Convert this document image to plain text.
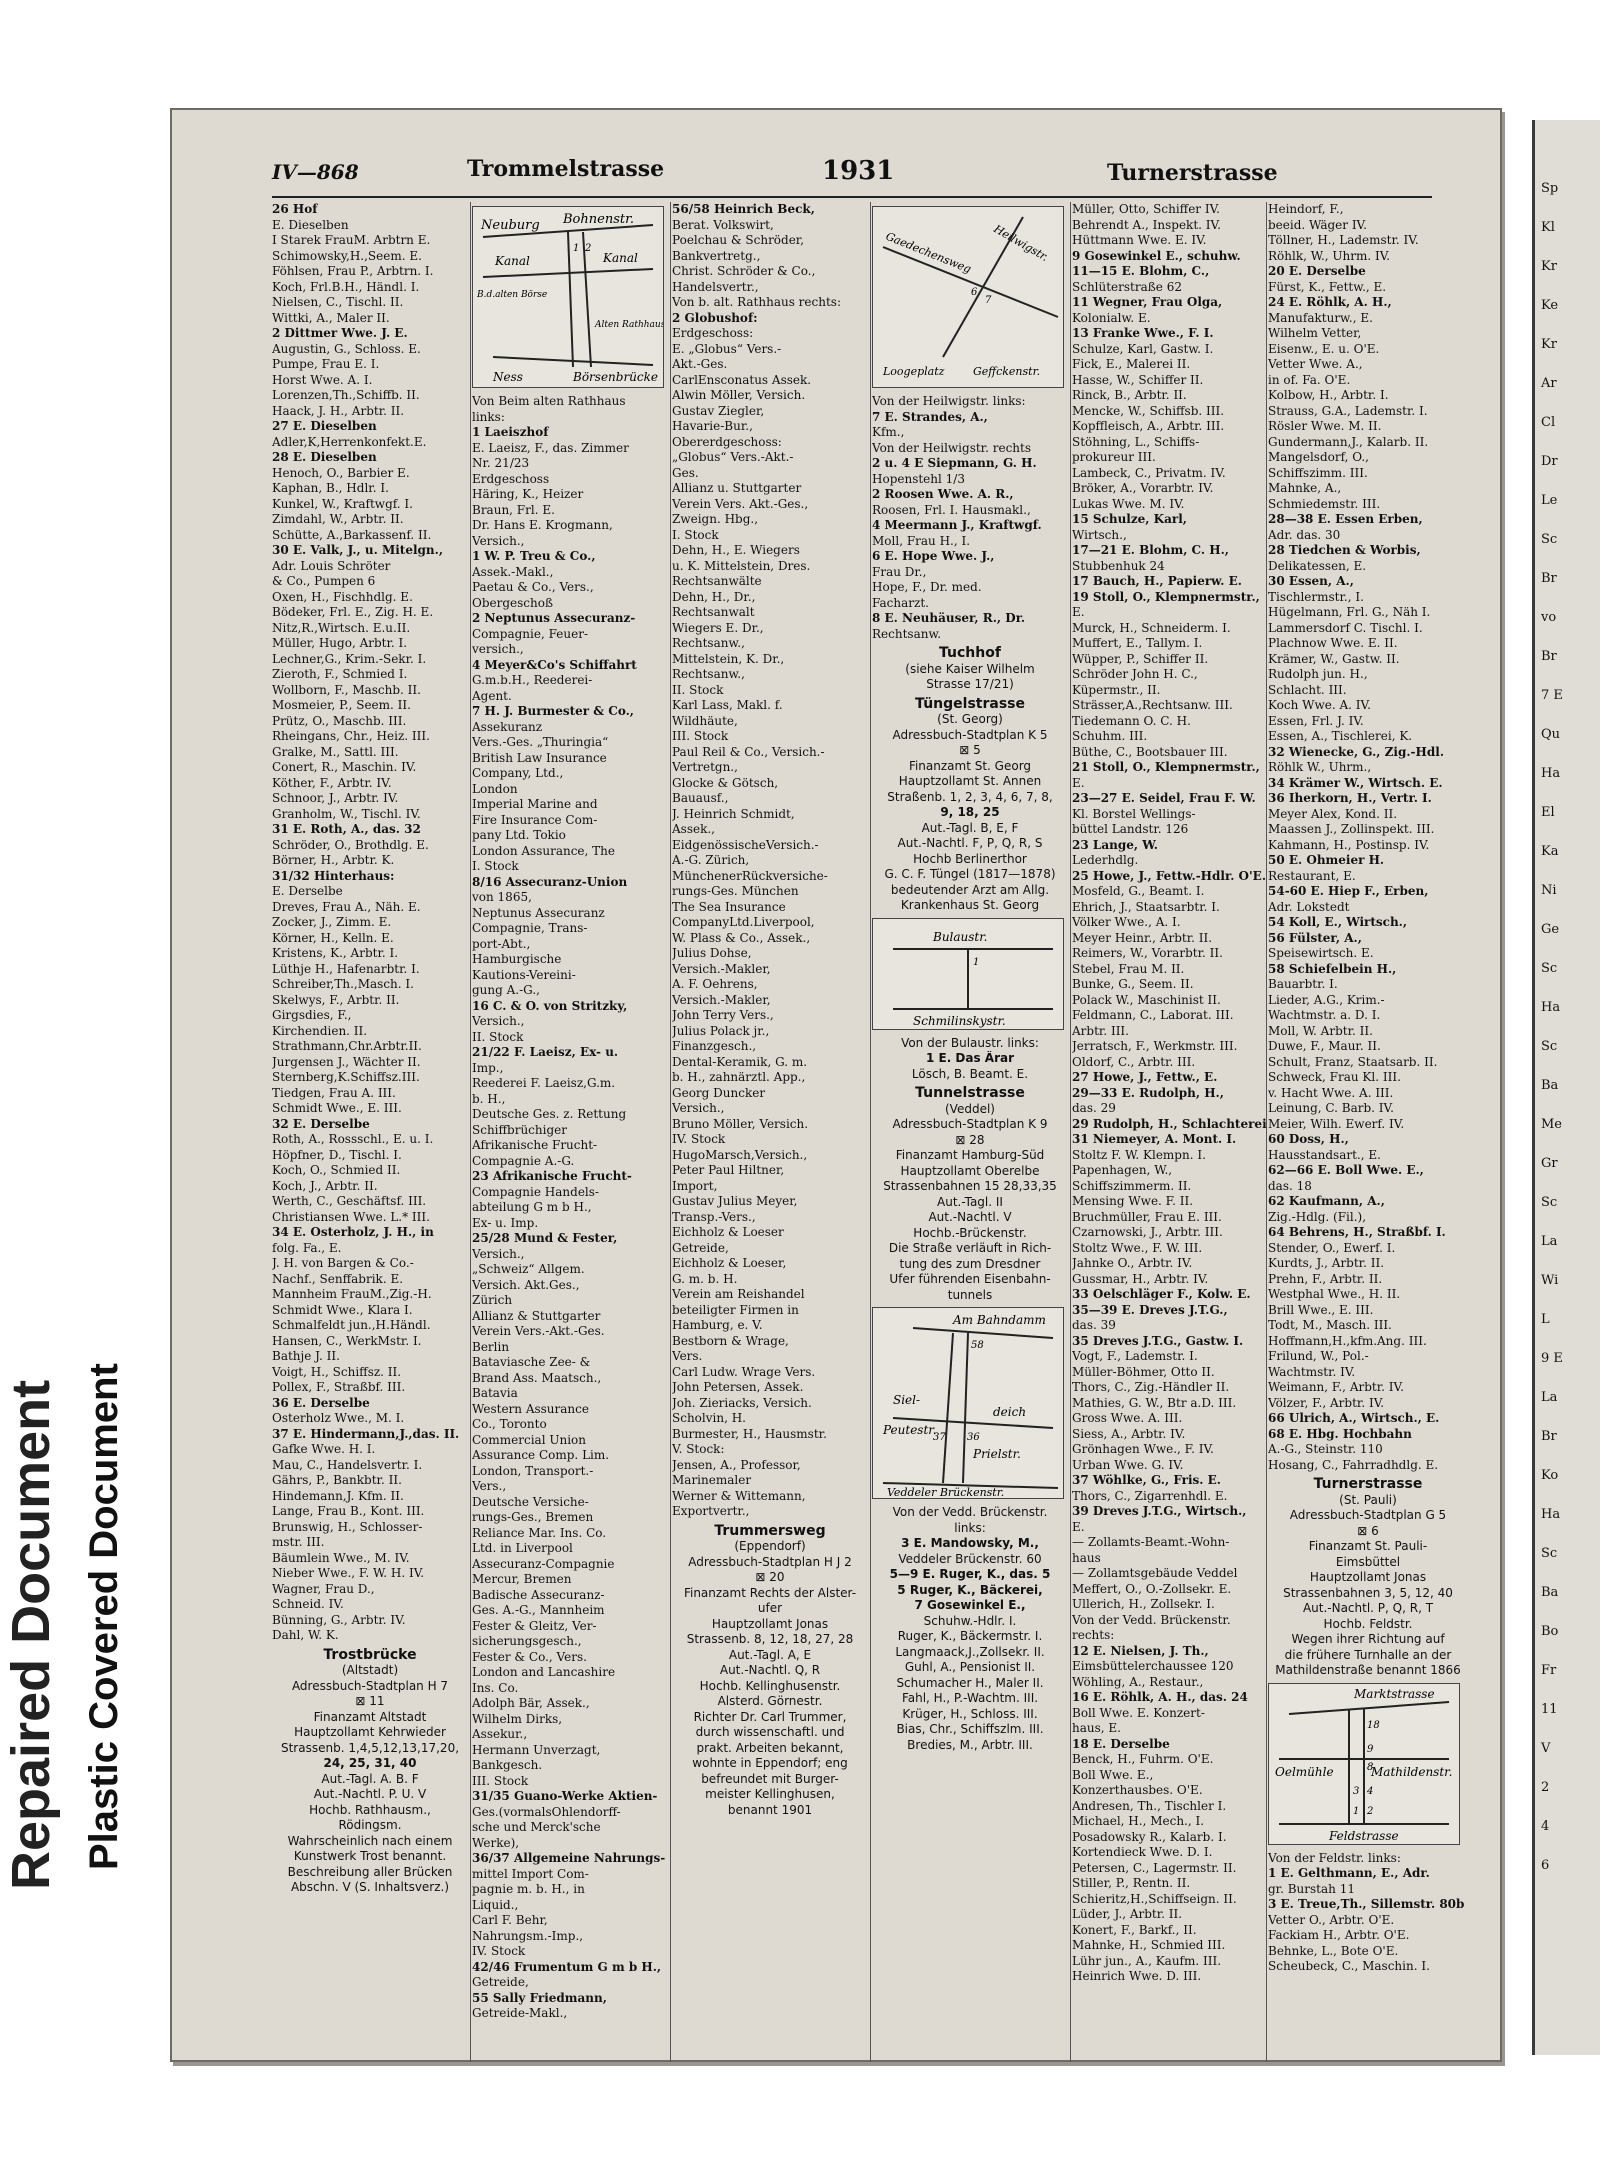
Repaired Document Plastic Covered Document
Sp
Kl
Kr
Ke
Kr
Ar
Cl
Dr
Le
Sc
Br
vo
Br
7 E
Qu
Ha
El
Ka
Ni
Ge
Sc
Ha
Sc
Ba
Me
Gr
Sc
La
Wi
L
9 E
La
Br
Ko
Ha
Sc
Ba
Bo
Fr
11
V
2
4
6
IV—868	Trommelstrasse	1931	Turnerstrasse
26 Hof
E. Dieselben
I Starek FrauM. Arbtrn E.
Schimowsky,H.,Seem. E.
Föhlsen, Frau P., Arbtrn. I.
Koch, Frl.B.H., Händl. I.
Nielsen, C., Tischl. II.
Wittki, A., Maler II.
2 Dittmer Wwe. J. E.
Augustin, G., Schloss. E.
Pumpe, Frau E. I.
Horst Wwe. A. I.
Lorenzen,Th.,Schiffb. II.
Haack, J. H., Arbtr. II.
27 E. Dieselben
Adler,K,Herrenkonfekt.E.
28 E. Dieselben
Henoch, O., Barbier E.
Kaphan, B., Hdlr. I.
Kunkel, W., Kraftwgf. I.
Zimdahl, W., Arbtr. II.
Schütte, A.,Barkassenf. II.
30 E. Valk, J., u. Mitelgn.,
Adr. Louis Schröter
& Co., Pumpen 6
Oxen, H., Fischhdlg. E.
Bödeker, Frl. E., Zig. H. E.
Nitz,R.,Wirtsch. E.u.II.
Müller, Hugo, Arbtr. I.
Lechner,G., Krim.-Sekr. I.
Zieroth, F., Schmied I.
Wollborn, F., Maschb. II.
Mosmeier, P., Seem. II.
Prütz, O., Maschb. III.
Rheingans, Chr., Heiz. III.
Gralke, M., Sattl. III.
Conert, R., Maschin. IV.
Köther, F., Arbtr. IV.
Schnoor, J., Arbtr. IV.
Granholm, W., Tischl. IV.
31 E. Roth, A., das. 32
Schröder, O., Brothdlg. E.
Börner, H., Arbtr. K.
31/32 Hinterhaus:
E. Derselbe
Dreves, Frau A., Näh. E.
Zocker, J., Zimm. E.
Körner, H., Kelln. E.
Kristens, K., Arbtr. I.
Lüthje H., Hafenarbtr. I.
Schreiber,Th.,Masch. I.
Skelwys, F., Arbtr. II.
Girgsdies, F.,
Kirchendien. II.
Strathmann,Chr.Arbtr.II.
Jurgensen J., Wächter II.
Sternberg,K.Schiffsz.III.
Tiedgen, Frau A. III.
Schmidt Wwe., E. III.
32 E. Derselbe
Roth, A., Rossschl., E. u. I.
Höpfner, D., Tischl. I.
Koch, O., Schmied II.
Koch, J., Arbtr. II.
Werth, C., Geschäftsf. III.
Christiansen Wwe. L.* III.
34 E. Osterholz, J. H., in
folg. Fa., E.
J. H. von Bargen & Co.-
Nachf., Senffabrik. E.
Mannheim FrauM.,Zig.-H.
Schmidt Wwe., Klara I.
Schmalfeldt jun.,H.Händl.
Hansen, C., WerkMstr. I.
Bathje J. II.
Voigt, H., Schiffsz. II.
Pollex, F., Straßbf. III.
36 E. Derselbe
Osterholz Wwe., M. I.
37 E. Hindermann,J.,das. II.
Gafke Wwe. H. I.
Mau, C., Handelsvertr. I.
Gährs, P., Bankbtr. II.
Hindemann,J. Kfm. II.
Lange, Frau B., Kont. III.
Brunswig, H., Schlosser-
mstr. III.
Bäumlein Wwe., M. IV.
Nieber Wwe., F. W. H. IV.
Wagner, Frau D.,
Schneid. IV.
Bünning, G., Arbtr. IV.
Dahl, W. K.
Trostbrücke
(Altstadt)
Adressbuch-Stadtplan H 7
⊠ 11
Finanzamt Altstadt
Hauptzollamt Kehrwieder
Strassenb. 1,4,5,12,13,17,20,
24, 25, 31, 40
Aut.-Tagl. A. B. F
Aut.-Nachtl. P. U. V
Hochb. Rathhausm.,
Rödingsm.
Wahrscheinlich nach einem
Kunstwerk Trost benannt.
Beschreibung aller Brücken
Abschn. V (S. Inhaltsverz.)
Neuburg Bohnenstr.
Kanal	Kanal
B.d.alten Börse
Alten Rathhaus
Ness	Börsenbrücke
1 2
Von Beim alten Rathhaus
links:
1 Laeiszhof
E. Laeisz, F., das. Zimmer
Nr. 21/23
Erdgeschoss
Häring, K., Heizer
Braun, Frl. E.
Dr. Hans E. Krogmann,
Versich.,
1 W. P. Treu & Co.,
Assek.-Makl.,
Paetau & Co., Vers.,
Obergeschoß
2 Neptunus Assecuranz-
Compagnie, Feuer-
versich.,
4 Meyer&Co's Schiffahrt
G.m.b.H., Reederei-
Agent.
7 H. J. Burmester & Co.,
Assekuranz
Vers.-Ges. „Thuringia“
British Law Insurance
Company, Ltd.,
London
Imperial Marine and
Fire Insurance Com-
pany Ltd. Tokio
London Assurance, The
I. Stock
8/16 Assecuranz-Union
von 1865,
Neptunus Assecuranz
Compagnie, Trans-
port-Abt.,
Hamburgische
Kautions-Vereini-
gung A.-G.,
16 C. & O. von Stritzky,
Versich.,
II. Stock
21/22 F. Laeisz, Ex- u.
Imp.,
Reederei F. Laeisz,G.m.
b. H.,
Deutsche Ges. z. Rettung
Schiffbrüchiger
Afrikanische Frucht-
Compagnie A.-G.
23 Afrikanische Frucht-
Compagnie Handels-
abteilung G m b H.,
Ex- u. Imp.
25/28 Mund & Fester,
Versich.,
„Schweiz“ Allgem.
Versich. Akt.Ges.,
Zürich
Allianz & Stuttgarter
Verein Vers.-Akt.-Ges.
Berlin
Bataviasche Zee- &
Brand Ass. Maatsch.,
Batavia
Western Assurance
Co., Toronto
Commercial Union
Assurance Comp. Lim.
London, Transport.-
Vers.,
Deutsche Versiche-
rungs-Ges., Bremen
Reliance Mar. Ins. Co.
Ltd. in Liverpool
Assecuranz-Compagnie
Mercur, Bremen
Badische Assecuranz-
Ges. A.-G., Mannheim
Fester & Gleitz, Ver-
sicherungsgesch.,
Fester & Co., Vers.
London and Lancashire
Ins. Co.
Adolph Bär, Assek.,
Wilhelm Dirks,
Assekur.,
Hermann Unverzagt,
Bankgesch.
III. Stock
31/35 Guano-Werke Aktien-
Ges.(vormalsOhlendorff-
sche und Merck'sche
Werke),
36/37 Allgemeine Nahrungs-
mittel Import Com-
pagnie m. b. H., in
Liquid.,
Carl F. Behr,
Nahrungsm.-Imp.,
IV. Stock
42/46 Frumentum G m b H.,
Getreide,
55 Sally Friedmann,
Getreide-Makl.,
56/58 Heinrich Beck,
Berat. Volkswirt,
Poelchau & Schröder,
Bankvertretg.,
Christ. Schröder & Co.,
Handelsvertr.,
Von b. alt. Rathhaus rechts:
2 Globushof:
Erdgeschoss:
E. „Globus“ Vers.-
Akt.-Ges.
CarlEnsconatus Assek.
Alwin Möller, Versich.
Gustav Ziegler,
Havarie-Bur.,
Obererdgeschoss:
„Globus“ Vers.-Akt.-
Ges.
Allianz u. Stuttgarter
Verein Vers. Akt.-Ges.,
Zweign. Hbg.,
I. Stock
Dehn, H., E. Wiegers
u. K. Mittelstein, Dres.
Rechtsanwälte
Dehn, H., Dr.,
Rechtsanwalt
Wiegers E. Dr.,
Rechtsanw.,
Mittelstein, K. Dr.,
Rechtsanw.,
II. Stock
Karl Lass, Makl. f.
Wildhäute,
III. Stock
Paul Reil & Co., Versich.-
Vertretgn.,
Glocke & Götsch,
Bauausf.,
J. Heinrich Schmidt,
Assek.,
EidgenössischeVersich.-
A.-G. Zürich,
MünchenerRückversiche-
rungs-Ges. München
The Sea Insurance
CompanyLtd.Liverpool,
W. Plass & Co., Assek.,
Julius Dohse,
Versich.-Makler,
A. F. Oehrens,
Versich.-Makler,
John Terry Vers.,
Julius Polack jr.,
Finanzgesch.,
Dental-Keramik, G. m.
b. H., zahnärztl. App.,
Georg Duncker
Versich.,
Bruno Möller, Versich.
IV. Stock
HugoMarsch,Versich.,
Peter Paul Hiltner,
Import,
Gustav Julius Meyer,
Transp.-Vers.,
Eichholz & Loeser
Getreide,
Eichholz & Loeser,
G. m. b. H.
Verein am Reishandel
beteiligter Firmen in
Hamburg, e. V.
Bestborn & Wrage,
Vers.
Carl Ludw. Wrage Vers.
John Petersen, Assek.
Joh. Zieriacks, Versich.
Scholvin, H.
Burmester, H., Hausmstr.
V. Stock:
Jensen, A., Professor,
Marinemaler
Werner & Wittemann,
Exportvertr.,
Trummersweg
(Eppendorf)
Adressbuch-Stadtplan H J 2
⊠ 20
Finanzamt Rechts der Alster-
ufer
Hauptzollamt Jonas
Strassenb. 8, 12, 18, 27, 28
Aut.-Tagl. A, E
Aut.-Nachtl. Q, R
Hochb. Kellinghusenstr.
Alsterd. Görnestr.
Richter Dr. Carl Trummer,
durch wissenschaftl. und
prakt. Arbeiten bekannt,
wohnte in Eppendorf; eng
befreundet mit Burger-
meister Kellinghusen,
benannt 1901
Heilwigstr.
Gaedechensweg
Loogeplatz	Geffckenstr.
6
7
Von der Heilwigstr. links:
7 E. Strandes, A.,
Kfm.,
Von der Heilwigstr. rechts
2 u. 4 E Siepmann, G. H.
Hopenstehl 1/3
2 Roosen Wwe. A. R.,
Roosen, Frl. I. Hausmakl.,
4 Meermann J., Kraftwgf.
Moll, Frau H., I.
6 E. Hope Wwe. J.,
Frau Dr.,
Hope, F., Dr. med.
Facharzt.
8 E. Neuhäuser, R., Dr.
Rechtsanw.
Tuchhof
(siehe Kaiser Wilhelm
Strasse 17/21)
Tüngelstrasse
(St. Georg)
Adressbuch-Stadtplan K 5
⊠ 5
Finanzamt St. Georg
Hauptzollamt St. Annen
Straßenb. 1, 2, 3, 4, 6, 7, 8,
9, 18, 25
Aut.-Tagl. B, E, F
Aut.-Nachtl. F, P, Q, R, S
Hochb Berlinerthor
G. C. F. Tüngel (1817—1878)
bedeutender Arzt am Allg.
Krankenhaus St. Georg
Bulaustr.
Schmilinskystr.
1
Von der Bulaustr. links:
1 E. Das Ärar
Lösch, B. Beamt. E.
Tunnelstrasse
(Veddel)
Adressbuch-Stadtplan K 9
⊠ 28
Finanzamt Hamburg-Süd
Hauptzollamt Oberelbe
Strassenbahnen 15 28,33,35
Aut.-Tagl. II
Aut.-Nachtl. V
Hochb.-Brückenstr.
Die Straße verläuft in Rich-
tung des zum Dresdner
Ufer führenden Eisenbahn-
tunnels
Am Bahndamm
Siel-
Peutestr.
deich
Prielstr.
Veddeler Brückenstr.
58
37 36
Von der Vedd. Brückenstr.
links:
3 E. Mandowsky, M.,
Veddeler Brückenstr. 60
5—9 E. Ruger, K., das. 5
5 Ruger, K., Bäckerei,
7 Gosewinkel E.,
Schuhw.-Hdlr. I.
Ruger, K., Bäckermstr. I.
Langmaack,J.,Zollsekr. II.
Guhl, A., Pensionist II.
Schumacher H., Maler II.
Fahl, H., P.-Wachtm. III.
Krüger, H., Schloss. III.
Bias, Chr., Schiffszlm. III.
Bredies, M., Arbtr. III.
Müller, Otto, Schiffer IV.
Behrendt A., Inspekt. IV.
Hüttmann Wwe. E. IV.
9 Gosewinkel E., schuhw.
11—15 E. Blohm, C.,
Schlüterstraße 62
11 Wegner, Frau Olga,
Kolonialw. E.
13 Franke Wwe., F. I.
Schulze, Karl, Gastw. I.
Fick, E., Malerei II.
Hasse, W., Schiffer II.
Rinck, B., Arbtr. II.
Mencke, W., Schiffsb. III.
Kopffleisch, A., Arbtr. III.
Stöhning, L., Schiffs-
prokureur III.
Lambeck, C., Privatm. IV.
Bröker, A., Vorarbtr. IV.
Lukas Wwe. M. IV.
15 Schulze, Karl,
Wirtsch.,
17—21 E. Blohm, C. H.,
Stubbenhuk 24
17 Bauch, H., Papierw. E.
19 Stoll, O., Klempnermstr.,
E.
Murck, H., Schneiderm. I.
Muffert, E., Tallym. I.
Wüpper, P., Schiffer II.
Schröder John H. C.,
Küpermstr., II.
Strässer,A.,Rechtsanw. III.
Tiedemann O. C. H.
Schuhm. III.
Büthe, C., Bootsbauer III.
21 Stoll, O., Klempnermstr.,
E.
23—27 E. Seidel, Frau F. W.
Kl. Borstel Wellings-
büttel Landstr. 126
23 Lange, W.
Lederhdlg.
25 Howe, J., Fettw.-Hdlr. O'E.
Mosfeld, G., Beamt. I.
Ehrich, J., Staatsarbtr. I.
Völker Wwe., A. I.
Meyer Heinr., Arbtr. II.
Reimers, W., Vorarbtr. II.
Stebel, Frau M. II.
Bunke, G., Seem. II.
Polack W., Maschinist II.
Feldmann, C., Laborat. III.
Arbtr. III.
Jerratsch, F., Werkmstr. III.
Oldorf, C., Arbtr. III.
27 Howe, J., Fettw., E.
29—33 E. Rudolph, H.,
das. 29
29 Rudolph, H., Schlachterei
31 Niemeyer, A. Mont. I.
Stoltz F. W. Klempn. I.
Papenhagen, W.,
Schiffszimmerm. II.
Mensing Wwe. F. II.
Bruchmüller, Frau E. III.
Czarnowski, J., Arbtr. III.
Stoltz Wwe., F. W. III.
Jahnke O., Arbtr. IV.
Gussmar, H., Arbtr. IV.
33 Oelschläger F., Kolw. E.
35—39 E. Dreves J.T.G.,
das. 39
35 Dreves J.T.G., Gastw. I.
Vogt, F., Lademstr. I.
Müller-Böhmer, Otto II.
Thors, C., Zig.-Händler II.
Mathies, G. W., Btr a.D. III.
Gross Wwe. A. III.
Siess, A., Arbtr. IV.
Grönhagen Wwe., F. IV.
Urban Wwe. G. IV.
37 Wöhlke, G., Fris. E.
Thors, C., Zigarrenhdl. E.
39 Dreves J.T.G., Wirtsch.,
E.
— Zollamts-Beamt.-Wohn-
haus
— Zollamtsgebäude Veddel
Meffert, O., O.-Zollsekr. E.
Ullerich, H., Zollsekr. I.
Von der Vedd. Brückenstr.
rechts:
12 E. Nielsen, J. Th.,
Eimsbüttelerchaussee 120
Wöhling, A., Restaur.,
16 E. Röhlk, A. H., das. 24
Boll Wwe. E. Konzert-
haus, E.
18 E. Derselbe
Benck, H., Fuhrm. O'E.
Boll Wwe. E.,
Konzerthausbes. O'E.
Andresen, Th., Tischler I.
Michael, H., Mech., I.
Posadowsky R., Kalarb. I.
Kortendieck Wwe. D. I.
Petersen, C., Lagermstr. II.
Stiller, P., Rentn. II.
Schieritz,H.,Schiffseign. II.
Lüder, J., Arbtr. II.
Konert, F., Barkf., II.
Mahnke, H., Schmied III.
Lühr jun., A., Kaufm. III.
Heinrich Wwe. D. III.
Heindorf, F.,
beeid. Wäger IV.
Töllner, H., Lademstr. IV.
Röhlk, W., Uhrm. IV.
20 E. Derselbe
Fürst, K., Fettw., E.
24 E. Röhlk, A. H.,
Manufakturw., E.
Wilhelm Vetter,
Eisenw., E. u. O'E.
Vetter Wwe. A.,
in of. Fa. O'E.
Kolbow, H., Arbtr. I.
Strauss, G.A., Lademstr. I.
Rösler Wwe. M. II.
Gundermann,J., Kalarb. II.
Mangelsdorf, O.,
Schiffszimm. III.
Mahnke, A.,
Schmiedemstr. III.
28—38 E. Essen Erben,
Adr. das. 30
28 Tiedchen & Worbis,
Delikatessen, E.
30 Essen, A.,
Tischlermstr., I.
Hügelmann, Frl. G., Näh I.
Lammersdorf C. Tischl. I.
Plachnow Wwe. E. II.
Krämer, W., Gastw. II.
Rudolph jun. H.,
Schlacht. III.
Koch Wwe. A. IV.
Essen, Frl. J. IV.
Essen, A., Tischlerei, K.
32 Wienecke, G., Zig.-Hdl.
Röhlk W., Uhrm.,
34 Krämer W., Wirtsch. E.
36 Iherkorn, H., Vertr. I.
Meyer Alex, Kond. II.
Maassen J., Zollinspekt. III.
Kahmann, H., Postinsp. IV.
50 E. Ohmeier H.
Restaurant, E.
54-60 E. Hiep F., Erben,
Adr. Lokstedt
54 Koll, E., Wirtsch.,
56 Fülster, A.,
Speisewirtsch. E.
58 Schiefelbein H.,
Bauarbtr. I.
Lieder, A.G., Krim.-
Wachtmstr. a. D. I.
Moll, W. Arbtr. II.
Duwe, F., Maur. II.
Schult, Franz, Staatsarb. II.
Schweck, Frau Kl. III.
v. Hacht Wwe. A. III.
Leinung, C. Barb. IV.
Meier, Wilh. Ewerf. IV.
60 Doss, H.,
Hausstandsart., E.
62—66 E. Boll Wwe. E.,
das. 18
62 Kaufmann, A.,
Zig.-Hdlg. (Fil.),
64 Behrens, H., Straßbf. I.
Stender, O., Ewerf. I.
Kurdts, J., Arbtr. II.
Prehn, F., Arbtr. II.
Westphal Wwe., H. II.
Brill Wwe., E. III.
Todt, M., Masch. III.
Hoffmann,H.,kfm.Ang. III.
Frilund, W., Pol.-
Wachtmstr. IV.
Weimann, F., Arbtr. IV.
Völzer, F., Arbtr. IV.
66 Ulrich, A., Wirtsch., E.
68 E. Hbg. Hochbahn
A.-G., Steinstr. 110
Hosang, C., Fahrradhdlg. E.
Turnerstrasse
(St. Pauli)
Adressbuch-Stadtplan G 5
⊠ 6
Finanzamt St. Pauli-
Eimsbüttel
Hauptzollamt Jonas
Strassenbahnen 3, 5, 12, 40
Aut.-Nachtl. P, Q, R, T
Hochb. Feldstr.
Wegen ihrer Richtung auf
die frühere Turnhalle an der
Mathildenstraße benannt 1866
Marktstrasse
Oelmühle	Mathildenstr.
Feldstrasse
18
9
8
3 4
1 2
Von der Feldstr. links:
1 E. Gelthmann, E., Adr.
gr. Burstah 11
3 E. Treue,Th., Sillemstr. 80b
Vetter O., Arbtr. O'E.
Fackiam H., Arbtr. O'E.
Behnke, L., Bote O'E.
Scheubeck, C., Maschin. I.
